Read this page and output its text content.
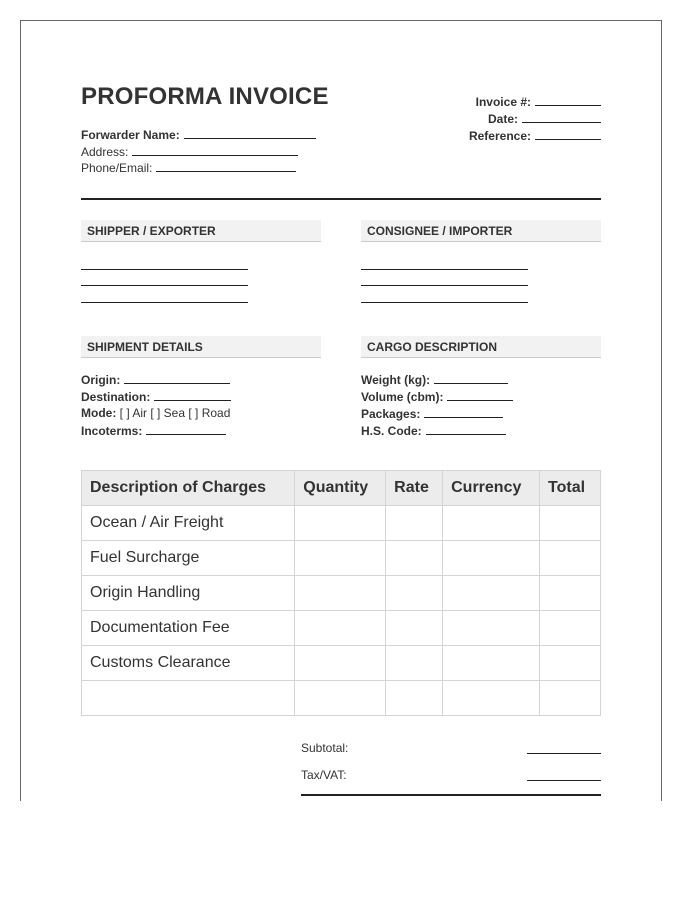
PROFORMA INVOICE	Invoice #:
Date:
Reference:
Forwarder Name:
Address:
Phone/Email:
SHIPPER / EXPORTER	CONSIGNEE / IMPORTER
SHIPMENT DETAILS	CARGO DESCRIPTION
Origin:
Destination:
Mode: [ ] Air [ ] Sea [ ] Road
Incoterms:
Weight (kg):
Volume (cbm):
Packages:
H.S. Code:
Description of Charges	Quantity	Rate	Currency	Total
Ocean / Air Freight				
Fuel Surcharge				
Origin Handling				
Documentation Fee				
Customs Clearance				

Subtotal:
Tax/VAT:
